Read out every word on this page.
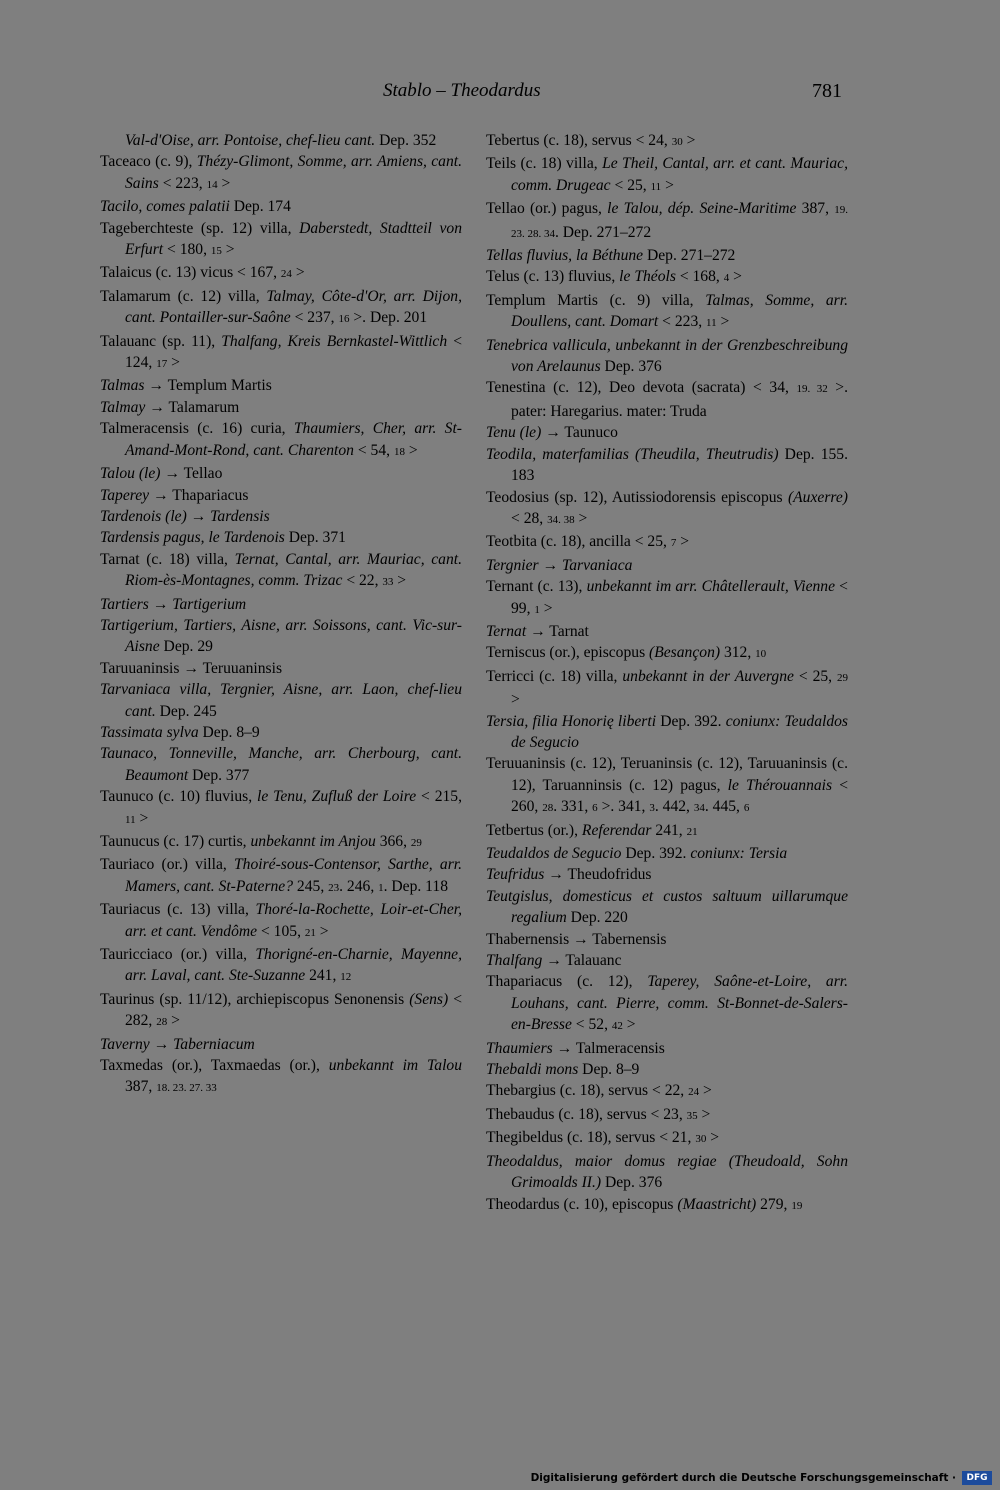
Stablo – Theodardus	781
Val-d'Oise, arr. Pontoise, chef-lieu cant. Dep. 352
Taceaco (c. 9), Thézy-Glimont, Somme, arr. Amiens, cant. Sains < 223, 14 >
Tacilo, comes palatii Dep. 174
Tageberchteste (sp. 12) villa, Daberstedt, Stadtteil von Erfurt < 180, 15 >
Talaicus (c. 13) vicus < 167, 24 >
Talamarum (c. 12) villa, Talmay, Côte-d'Or, arr. Dijon, cant. Pontailler-sur-Saône < 237, 16 >. Dep. 201
Talauanc (sp. 11), Thalfang, Kreis Bernkastel-Wittlich < 124, 17 >
Talmas → Templum Martis
Talmay → Talamarum
Talmeracensis (c. 16) curia, Thaumiers, Cher, arr. St-Amand-Mont-Rond, cant. Charenton < 54, 18 >
Talou (le) → Tellao
Taperey → Thapariacus
Tardenois (le) → Tardensis
Tardensis pagus, le Tardenois Dep. 371
Tarnat (c. 18) villa, Ternat, Cantal, arr. Mauriac, cant. Riom-ès-Montagnes, comm. Trizac < 22, 33 >
Tartiers → Tartigerium
Tartigerium, Tartiers, Aisne, arr. Soissons, cant. Vic-sur-Aisne Dep. 29
Taruuaninsis → Teruuaninsis
Tarvaniaca villa, Tergnier, Aisne, arr. Laon, chef-lieu cant. Dep. 245
Tassimata sylva Dep. 8–9
Taunaco, Tonneville, Manche, arr. Cherbourg, cant. Beaumont Dep. 377
Taunuco (c. 10) fluvius, le Tenu, Zufluß der Loire < 215, 11 >
Taunucus (c. 17) curtis, unbekannt im Anjou 366, 29
Tauriaco (or.) villa, Thoiré-sous-Contensor, Sarthe, arr. Mamers, cant. St-Paterne? 245, 23. 246, 1. Dep. 118
Tauriacus (c. 13) villa, Thoré-la-Rochette, Loir-et-Cher, arr. et cant. Vendôme < 105, 21 >
Tauricciaco (or.) villa, Thorigné-en-Charnie, Mayenne, arr. Laval, cant. Ste-Suzanne 241, 12
Taurinus (sp. 11/12), archiepiscopus Senonensis (Sens) < 282, 28 >
Taverny → Taberniacum
Taxmedas (or.), Taxmaedas (or.), unbekannt im Talou 387, 18. 23. 27. 33
Tebertus (c. 18), servus < 24, 30 >
Teils (c. 18) villa, Le Theil, Cantal, arr. et cant. Mauriac, comm. Drugeac < 25, 11 >
Tellao (or.) pagus, le Talou, dép. Seine-Maritime 387, 19. 23. 28. 34. Dep. 271–272
Tellas fluvius, la Béthune Dep. 271–272
Telus (c. 13) fluvius, le Théols < 168, 4 >
Templum Martis (c. 9) villa, Talmas, Somme, arr. Doullens, cant. Domart < 223, 11 >
Tenebrica vallicula, unbekannt in der Grenzbeschreibung von Arelaunus Dep. 376
Tenestina (c. 12), Deo devota (sacrata) < 34, 19. 32 >. pater: Haregarius. mater: Truda
Tenu (le) → Taunuco
Teodila, materfamilias (Theudila, Theutrudis) Dep. 155. 183
Teodosius (sp. 12), Autissiodorensis episcopus (Auxerre) < 28, 34. 38 >
Teotbita (c. 18), ancilla < 25, 7 >
Tergnier → Tarvaniaca
Ternant (c. 13), unbekannt im arr. Châtellerault, Vienne < 99, 1 >
Ternat → Tarnat
Terniscus (or.), episcopus (Besançon) 312, 10
Terricci (c. 18) villa, unbekannt in der Auvergne < 25, 29 >
Tersia, filia Honorię liberti Dep. 392. coniunx: Teudaldos de Segucio
Teruuaninsis (c. 12), Teruaninsis (c. 12), Taruuaninsis (c. 12), Taruanninsis (c. 12) pagus, le Thérouannais < 260, 28. 331, 6 >. 341, 3. 442, 34. 445, 6
Tetbertus (or.), Referendar 241, 21
Teudaldos de Segucio Dep. 392. coniunx: Tersia
Teufridus → Theudofridus
Teutgislus, domesticus et custos saltuum uillarumque regalium Dep. 220
Thabernensis → Tabernensis
Thalfang → Talauanc
Thapariacus (c. 12), Taperey, Saône-et-Loire, arr. Louhans, cant. Pierre, comm. St-Bonnet-de-Salers-en-Bresse < 52, 42 >
Thaumiers → Talmeracensis
Thebaldi mons Dep. 8–9
Thebargius (c. 18), servus < 22, 24 >
Thebaudus (c. 18), servus < 23, 35 >
Thegibeldus (c. 18), servus < 21, 30 >
Theodaldus, maior domus regiae (Theudoald, Sohn Grimoalds II.) Dep. 376
Theodardus (c. 10), episcopus (Maastricht) 279, 19
Digitalisierung gefördert durch die Deutsche Forschungsgemeinschaft ·	DFG
